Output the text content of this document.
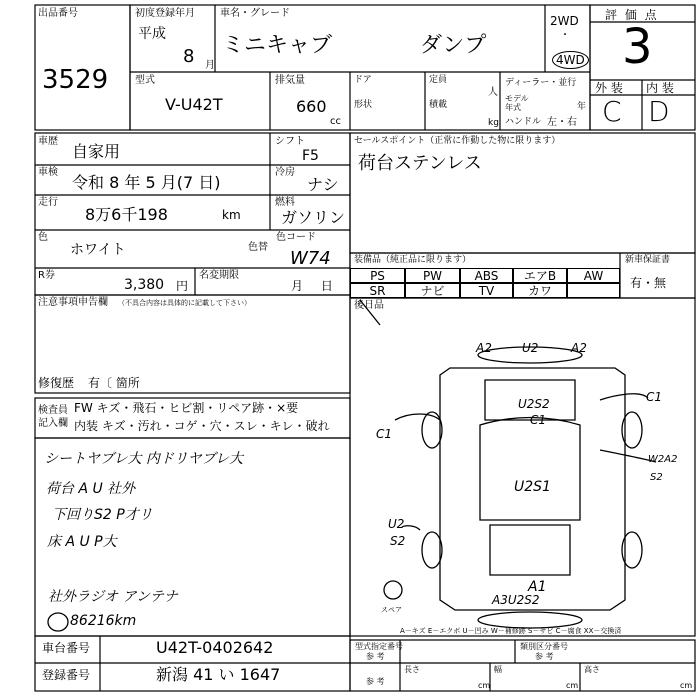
出品番号
3529
初度登録年月
平成
8 月
車名・グレード
ミニキャブ	ダンプ
2WD
・
4WD
評 価 点
3
型式
V-U42T
排気量
660
cc
ドア
形状
定員
人
積載
kg
ディーラー・並行
モデル
年式	年
ハンドル 左・右
外 装 内 装
C D
車歴
自家用
車検
令和 8 年 5 月(7 日)
走行
8万6千198	km
シフト
F5
冷房
ナシ
燃料
ガソリン
色
ホワイト	色替
色コード
W74
R券
3,380 円
名変期限
月 日
セールスポイント（正常に作動した物に限ります）
荷台ステンレス
装備品（純正品に限ります）
PS	PW	ABS	エアB	AW
SR	ナビ	TV	カワ
新車保証書
有・無
注意事項申告欄 （不具合内容は具体的に記載して下さい）
修復歴 有〔 箇所
後日品
検査員
記入欄
FW キズ・飛石・ヒビ割・リペア跡・×要
内装 キズ・汚れ・コゲ・穴・スレ・キレ・破れ
シートヤブレ大 内ドリヤブレ大
荷台 A U 社外
下回りS2 P才リ
床 A U P大
社外ラジオ アンテナ
86216km
A2	U2	A2
U2S2
C1
C1
C1
W2A2
S2
U2S1
U2
S2
A1
A3U2S2
スペア
A－キズ E－エクボ U－凹み W－補修跡 S－サビ C－腐食 XX－交換済
車台番号	U42T-0402642
登録番号	新潟 41 い 1647
型式指定番号
参 考
類別区分番号
参 考
参 考
長さ
cm
幅
cm
高さ
cm
